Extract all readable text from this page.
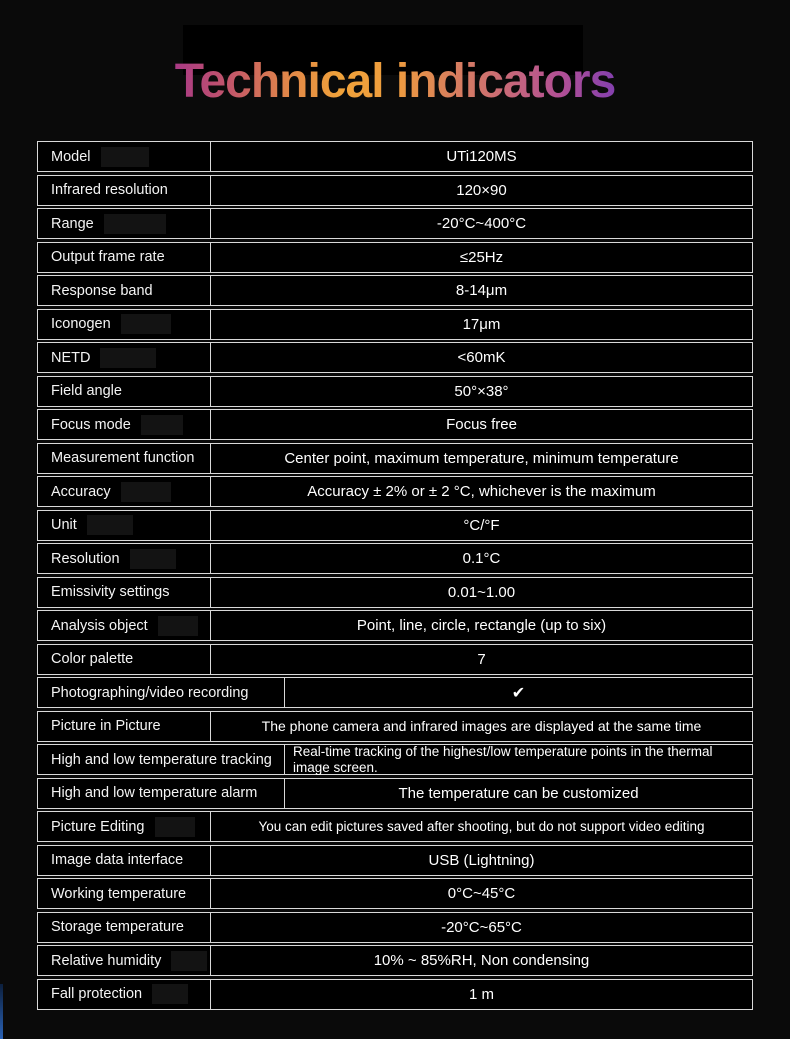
Technical indicators
Model	UTi120MS
Infrared resolution	120×90
Range	-20°C~400°C
Output frame rate	≤25Hz
Response band	8-14μm
Iconogen	17μm
NETD	<60mK
Field angle	50°×38°
Focus mode	Focus free
Measurement function	Center point, maximum temperature, minimum temperature
Accuracy	Accuracy ± 2% or ± 2 °C, whichever is the maximum
Unit	°C/°F
Resolution	0.1°C
Emissivity settings	0.01~1.00
Analysis object	Point, line, circle, rectangle (up to six)
Color palette	7
Photographing/video recording	✔
Picture in Picture	The phone camera and infrared images are displayed at the same time
High and low temperature tracking	Real-time tracking of the highest/low temperature points in the thermal image screen.
High and low temperature alarm	The temperature can be customized
Picture Editing	You can edit pictures saved after shooting, but do not support video editing
Image data interface	USB (Lightning)
Working temperature	0°C~45°C
Storage temperature	-20°C~65°C
Relative humidity	10% ~ 85%RH, Non condensing
Fall protection	1 m
